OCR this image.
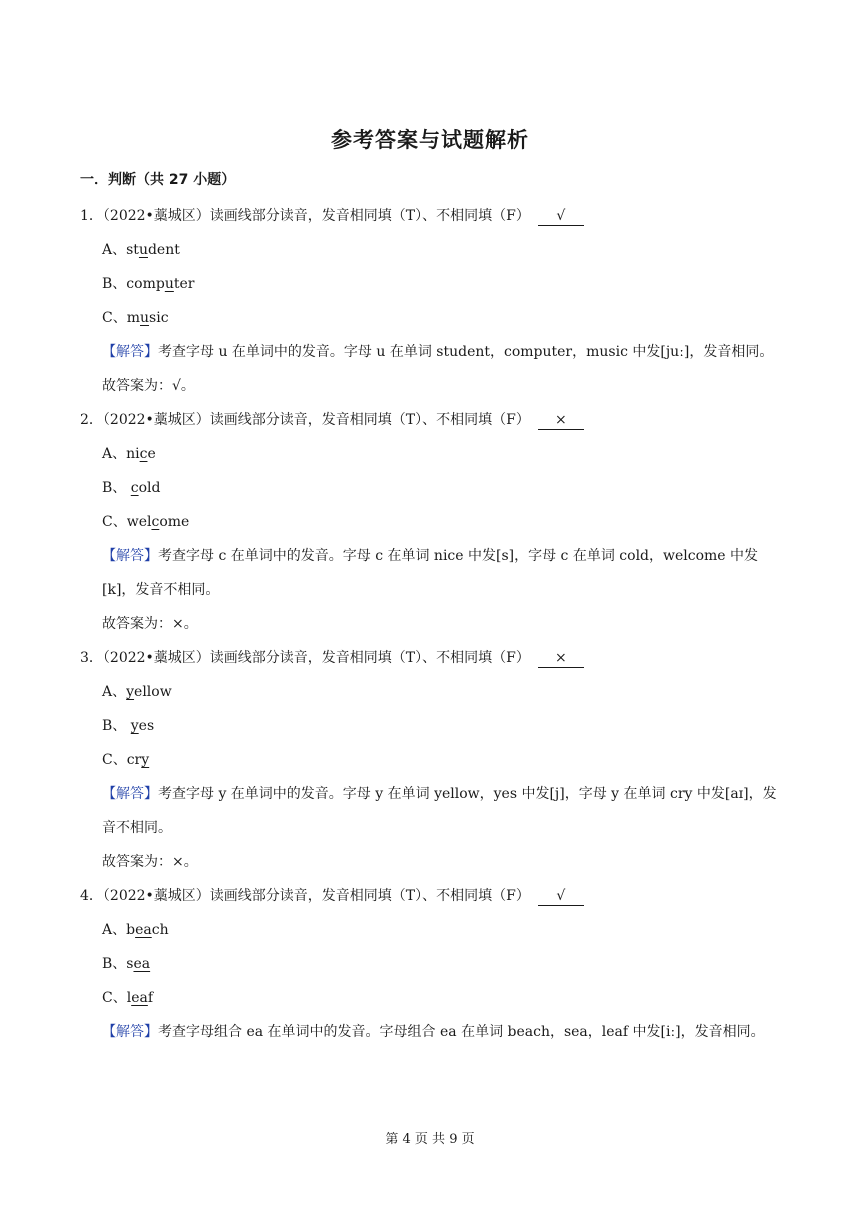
参考答案与试题解析
一．判断（共 27 小题）
1．（2022•藁城区）读画线部分读音，发音相同填（T）、不相同填（F） √
A、student
B、computer
C、music
【解答】考查字母 u 在单词中的发音。字母 u 在单词 student，computer，music 中发[juː]，发音相同。
故答案为：√。
2．（2022•藁城区）读画线部分读音，发音相同填（T）、不相同填（F） ×
A、nice
B、 cold
C、welcome
【解答】考查字母 c 在单词中的发音。字母 c 在单词 nice 中发[s]，字母 c 在单词 cold，welcome 中发[k]，发音不相同。
故答案为：×。
3．（2022•藁城区）读画线部分读音，发音相同填（T）、不相同填（F） ×
A、yellow
B、 yes
C、cry
【解答】考查字母 y 在单词中的发音。字母 y 在单词 yellow，yes 中发[j]，字母 y 在单词 cry 中发[aɪ]，发音不相同。
故答案为：×。
4．（2022•藁城区）读画线部分读音，发音相同填（T）、不相同填（F） √
A、beach
B、sea
C、leaf
【解答】考查字母组合 ea 在单词中的发音。字母组合 ea 在单词 beach，sea，leaf 中发[iː]，发音相同。
第 4 页 共 9 页
